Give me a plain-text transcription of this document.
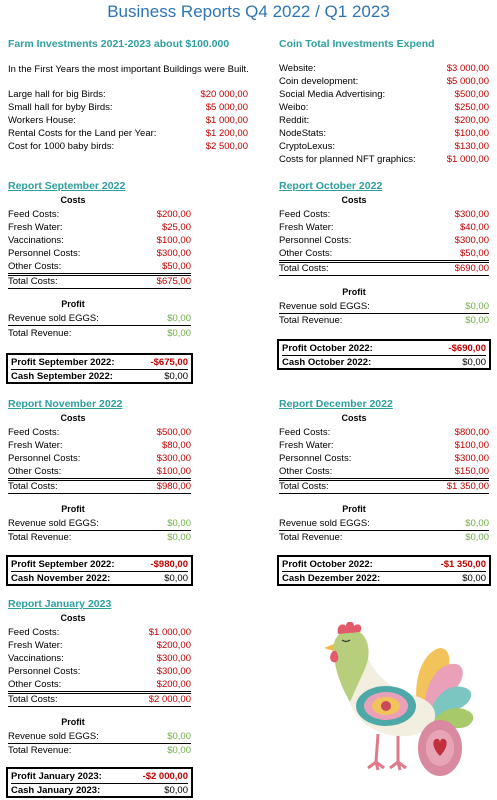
Business Reports Q4 2022 / Q1 2023
Farm Investments 2021-2023 about $100.000
In the First Years the most important Buildings were Built.
Large hall for big Birds:	$20 000,00
Small hall for byby Birds:	$5 000,00
Workers House:	$1 000,00
Rental Costs for the Land per Year:	$1 200,00
Cost for 1000 baby birds:	$2 500,00
Coin Total Investments Expend
Website:	$3 000,00
Coin development:	$5 000,00
Social Media Advertising:	$500,00
Weibo:	$250,00
Reddit:	$200,00
NodeStats:	$100,00
CryptoLexus:	$130,00
Costs for planned NFT graphics:	$1 000,00
Report September 2022
Costs
Feed Costs:	$200,00
Fresh Water:	$25,00
Vaccinations:	$100,00
Personnel Costs:	$300,00
Other Costs:	$50,00
Total Costs:	$675,00
Profit
Revenue sold EGGS:	$0,00
Total Revenue:	$0,00
Profit September 2022:	-$675,00
Cash September 2022:	$0,00
Report October 2022
Costs
Feed Costs:	$300,00
Fresh Water:	$40,00
Personnel Costs:	$300,00
Other Costs:	$50,00
Total Costs:	$690,00
Profit
Revenue sold EGGS:	$0,00
Total Revenue:	$0,00
Profit October 2022:	-$690,00
Cash October 2022:	$0,00
Report November 2022
Costs
Feed Costs:	$500,00
Fresh Water:	$80,00
Personnel Costs:	$300,00
Other Costs:	$100,00
Total Costs:	$980,00
Profit
Revenue sold EGGS:	$0,00
Total Revenue:	$0,00
Profit September 2022:	-$980,00
Cash November 2022:	$0,00
Report December 2022
Costs
Feed Costs:	$800,00
Fresh Water:	$100,00
Personnel Costs:	$300,00
Other Costs:	$150,00
Total Costs:	$1 350,00
Profit
Revenue sold EGGS:	$0,00
Total Revenue:	$0,00
Profit October 2022:	-$1 350,00
Cash Dezember 2022:	$0,00
Report January 2023
Costs
Feed Costs:	$1 000,00
Fresh Water:	$200,00
Vaccinations:	$300,00
Personnel Costs:	$300,00
Other Costs:	$200,00
Total Costs:	$2 000,00
Profit
Revenue sold EGGS:	$0,00
Total Revenue:	$0,00
Profit January 2023:	-$2 000,00
Cash January 2023:	$0,00
